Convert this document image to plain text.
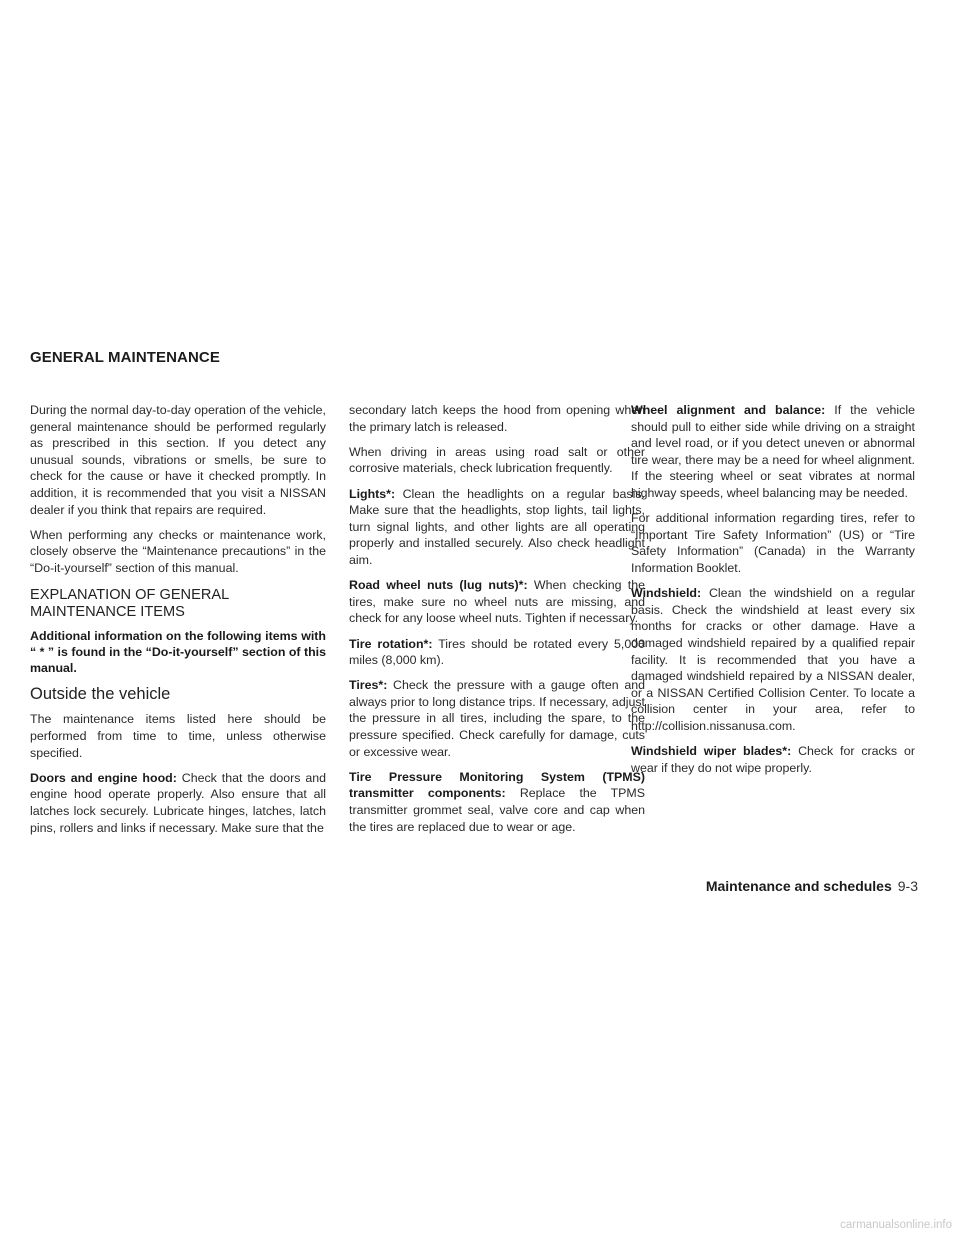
GENERAL MAINTENANCE

During the normal day-to-day operation of the vehicle, general maintenance should be performed regularly as prescribed in this section. If you detect any unusual sounds, vibrations or smells, be sure to check for the cause or have it checked promptly. In addition, it is recommended that you visit a NISSAN dealer if you think that repairs are required.

When performing any checks or maintenance work, closely observe the “Maintenance precautions” in the “Do-it-yourself” section of this manual.

EXPLANATION OF GENERAL MAINTENANCE ITEMS

Additional information on the following items with “ * ” is found in the “Do-it-yourself” section of this manual.

Outside the vehicle

The maintenance items listed here should be performed from time to time, unless otherwise specified.

Doors and engine hood: Check that the doors and engine hood operate properly. Also ensure that all latches lock securely. Lubricate hinges, latches, latch pins, rollers and links if necessary. Make sure that the

secondary latch keeps the hood from opening when the primary latch is released.

When driving in areas using road salt or other corrosive materials, check lubrication frequently.

Lights*: Clean the headlights on a regular basis. Make sure that the headlights, stop lights, tail lights, turn signal lights, and other lights are all operating properly and installed securely. Also check headlight aim.

Road wheel nuts (lug nuts)*: When checking the tires, make sure no wheel nuts are missing, and check for any loose wheel nuts. Tighten if necessary.

Tire rotation*: Tires should be rotated every 5,000 miles (8,000 km).

Tires*: Check the pressure with a gauge often and always prior to long distance trips. If necessary, adjust the pressure in all tires, including the spare, to the pressure specified. Check carefully for damage, cuts or excessive wear.

Tire Pressure Monitoring System (TPMS) transmitter components: Replace the TPMS transmitter grommet seal, valve core and cap when the tires are replaced due to wear or age.

Wheel alignment and balance: If the vehicle should pull to either side while driving on a straight and level road, or if you detect uneven or abnormal tire wear, there may be a need for wheel alignment. If the steering wheel or seat vibrates at normal highway speeds, wheel balancing may be needed.

For additional information regarding tires, refer to “Important Tire Safety Information” (US) or “Tire Safety Information” (Canada) in the Warranty Information Booklet.

Windshield: Clean the windshield on a regular basis. Check the windshield at least every six months for cracks or other damage. Have a damaged windshield repaired by a qualified repair facility. It is recommended that you have a damaged windshield repaired by a NISSAN dealer, or a NISSAN Certified Collision Center. To locate a collision center in your area, refer to http://collision.nissanusa.com.

Windshield wiper blades*: Check for cracks or wear if they do not wipe properly.

Maintenance and schedules 9-3
carmanualsonline.info
